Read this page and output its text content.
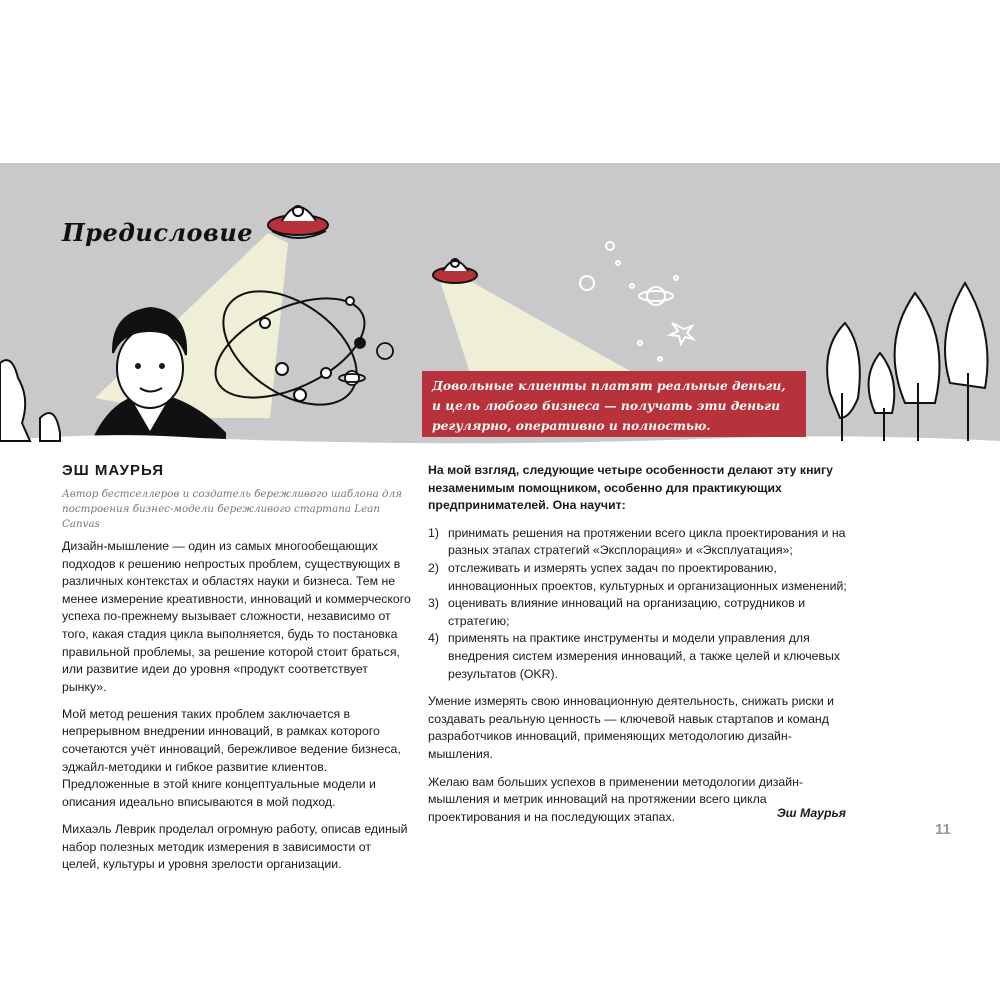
Предисловие
Довольные клиенты платят реальные деньги, и цель любого бизнеса — получать эти деньги регулярно, оперативно и полностью.
ЭШ МАУРЬЯ
Автор бестселлеров и создатель бережливого шаблона для построения бизнес-модели бережливого стартапа Lean Canvas

Дизайн-мышление — один из самых многообещающих подходов к решению непростых проблем, существующих в различных контекстах и областях науки и бизнеса. Тем не менее измерение креативности, инноваций и коммерческого успеха по-прежнему вызывает сложности, независимо от того, какая стадия цикла выполняется, будь то постановка правильной проблемы, за решение которой стоит браться, или развитие идеи до уровня «продукт соответствует рынку».

Мой метод решения таких проблем заключается в непрерывном внедрении инноваций, в рамках которого сочетаются учёт инноваций, бережливое ведение бизнеса, эджайл-методики и гибкое развитие клиентов. Предложенные в этой книге концептуальные модели и описания идеально вписываются в мой подход.

Михаэль Леврик проделал огромную работу, описав единый набор полезных методик измерения в зависимости от целей, культуры и уровня зрелости организации.

На мой взгляд, следующие четыре особенности делают эту книгу незаменимым помощником, особенно для практикующих предпринимателей. Она научит:

1) принимать решения на протяжении всего цикла проектирования и на разных этапах стратегий «Эксплорация» и «Эксплуатация»;
2) отслеживать и измерять успех задач по проектированию, инновационных проектов, культурных и организационных изменений;
3) оценивать влияние инноваций на организацию, сотрудников и стратегию;
4) применять на практике инструменты и модели управления для внедрения систем измерения инноваций, а также целей и ключевых результатов (OKR).

Умение измерять свою инновационную деятельность, снижать риски и создавать реальную ценность — ключевой навык стартапов и команд разработчиков инноваций, применяющих методологию дизайн-мышления.

Желаю вам больших успехов в применении методологии дизайн-мышления и метрик инноваций на протяжении всего цикла проектирования и на последующих этапах.	Эш Маурья
11
